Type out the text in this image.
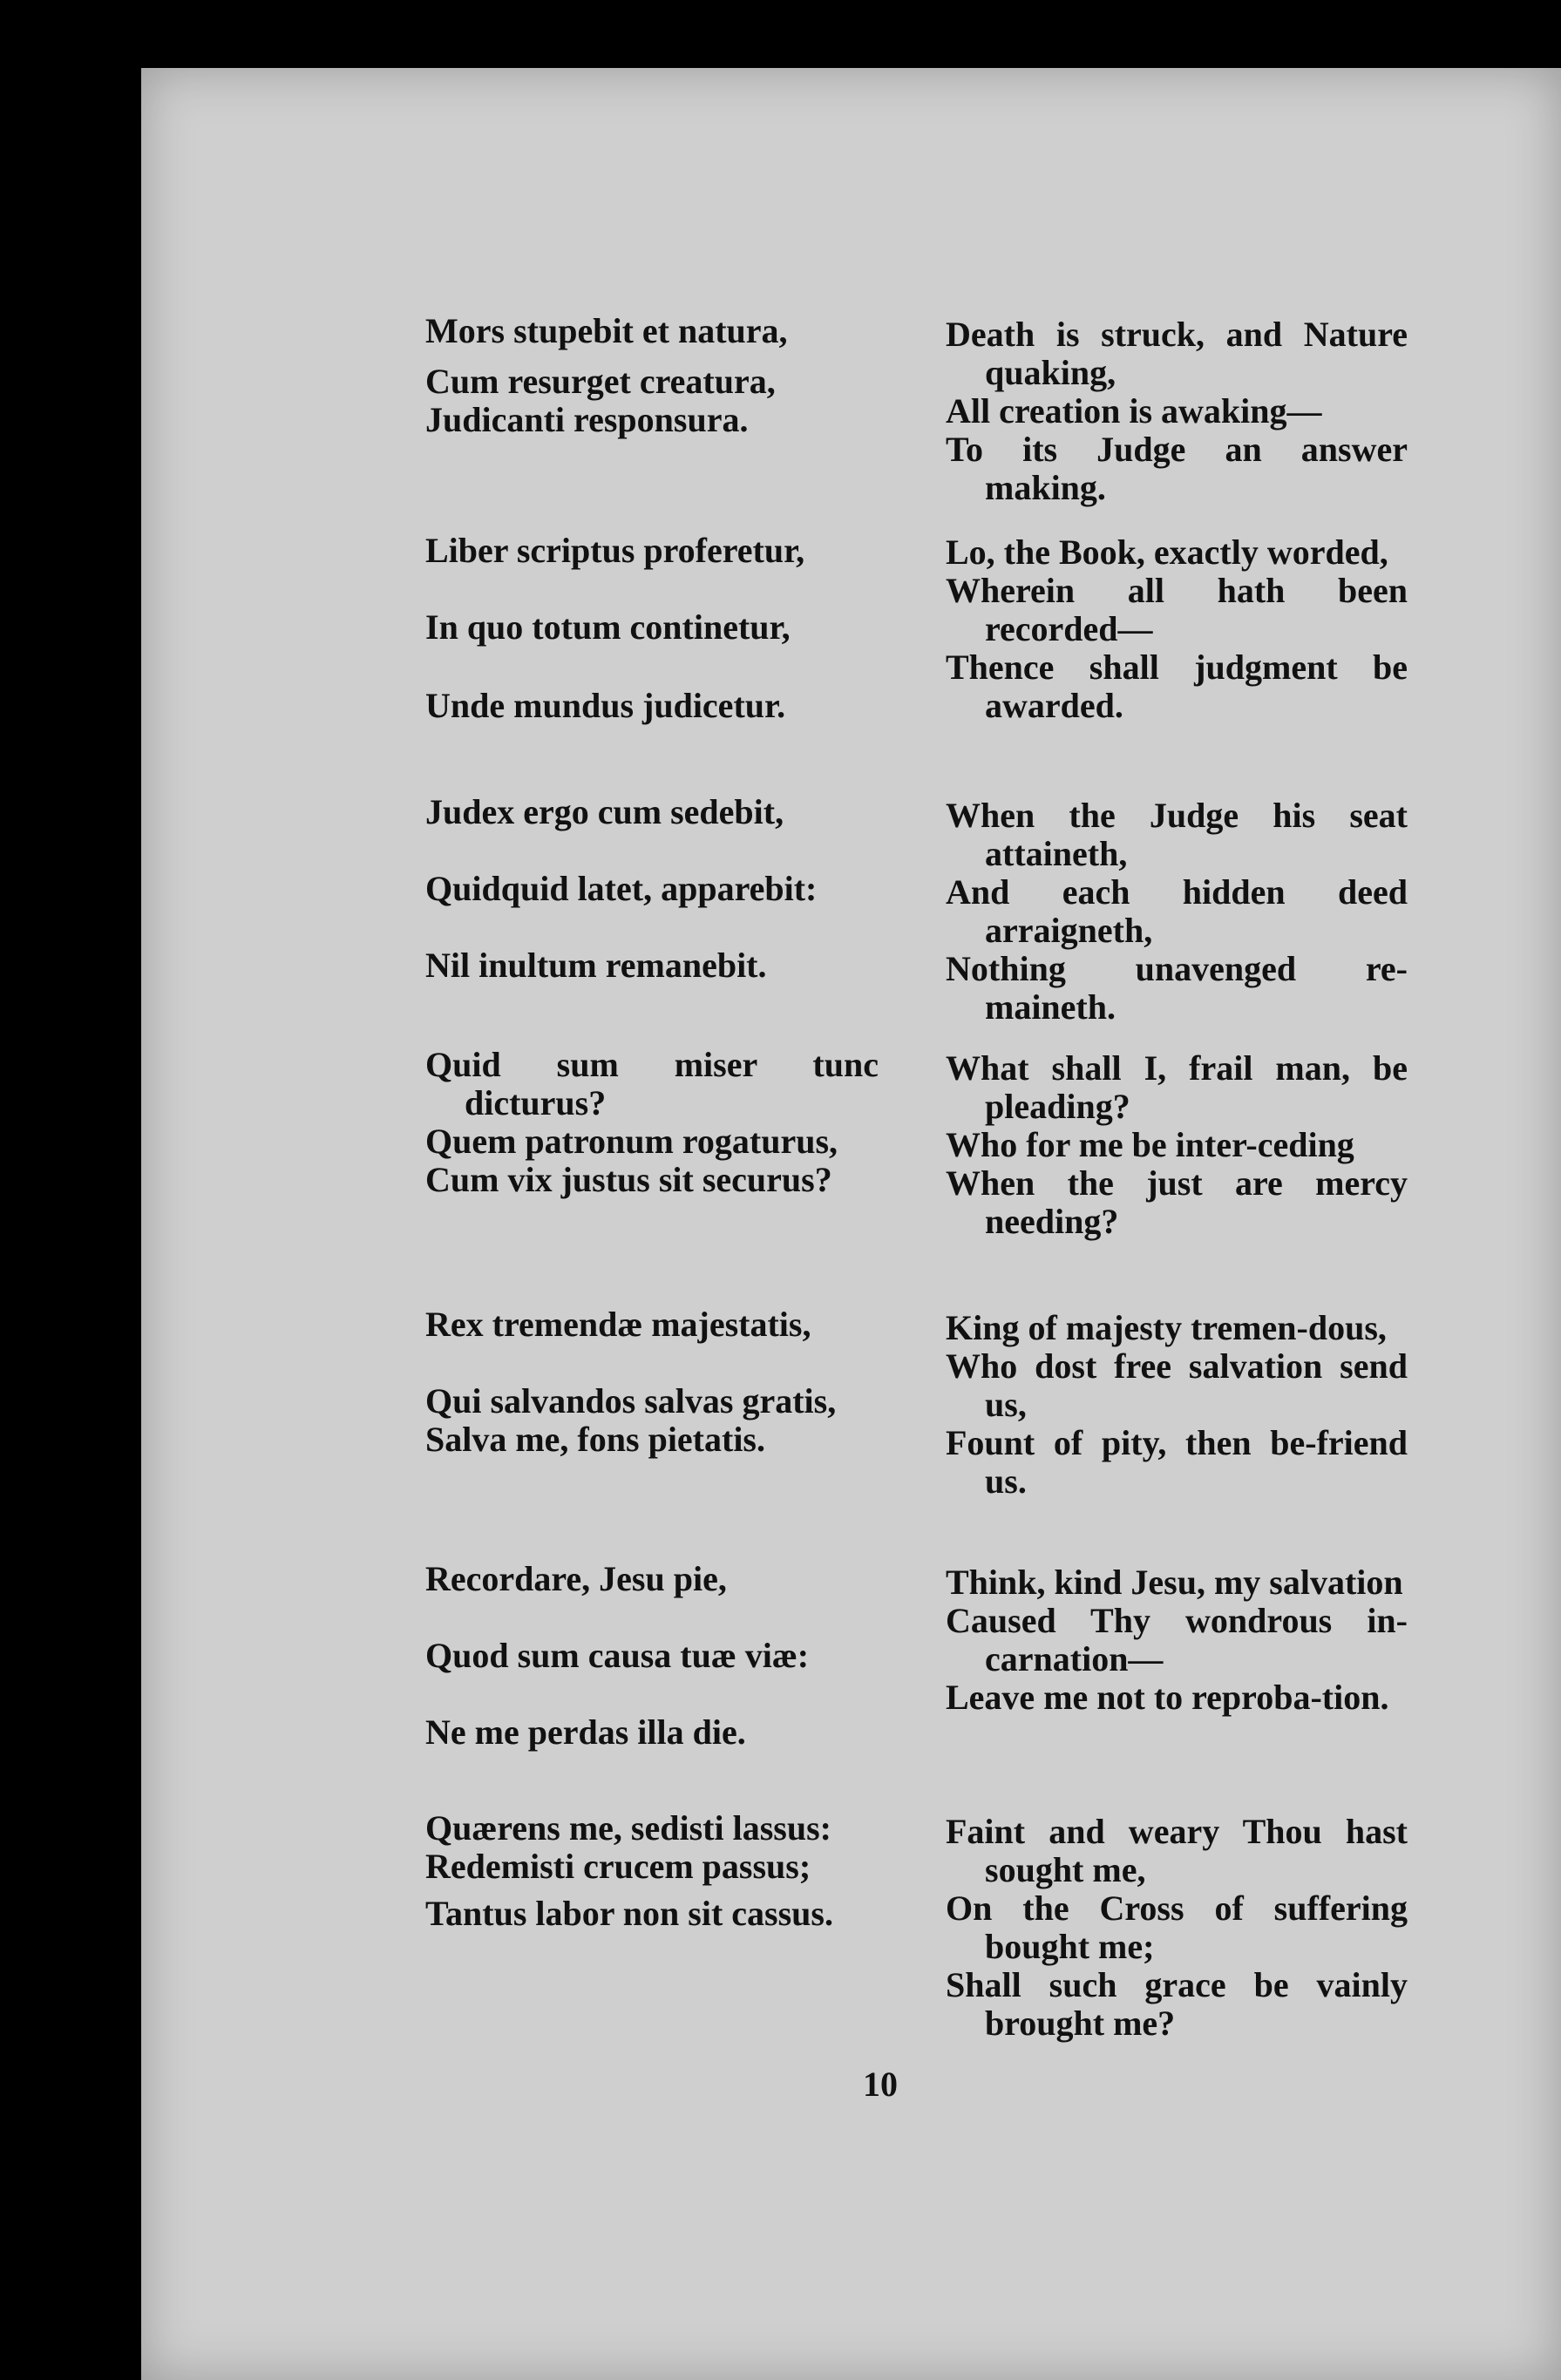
Mors stupebit et natura,
Cum resurget creatura,
Judicanti responsura.
Death is struck, and Nature quaking,
All creation is awaking—
To its Judge an answer making.
Liber scriptus proferetur,
In quo totum continetur,
Unde mundus judicetur.
Lo, the Book, exactly worded,
Wherein all hath been recorded—
Thence shall judgment be awarded.
Judex ergo cum sedebit,
Quidquid latet, apparebit:
Nil inultum remanebit.
When the Judge his seat attaineth,
And each hidden deed arraigneth,
Nothing unavenged re-maineth.
Quid sum miser tunc dicturus?
Quem patronum rogaturus,
Cum vix justus sit securus?
What shall I, frail man, be pleading?
Who for me be inter-ceding
When the just are mercy needing?
Rex tremendæ majestatis,
Qui salvandos salvas gratis,
Salva me, fons pietatis.
King of majesty tremen-dous,
Who dost free salvation send us,
Fount of pity, then be-friend us.
Recordare, Jesu pie,
Quod sum causa tuæ viæ:
Ne me perdas illa die.
Think, kind Jesu, my salvation
Caused Thy wondrous in-carnation—
Leave me not to reproba-tion.
Quærens me, sedisti lassus:
Redemisti crucem passus;
Tantus labor non sit cassus.
Faint and weary Thou hast sought me,
On the Cross of suffering bought me;
Shall such grace be vainly brought me?
10
